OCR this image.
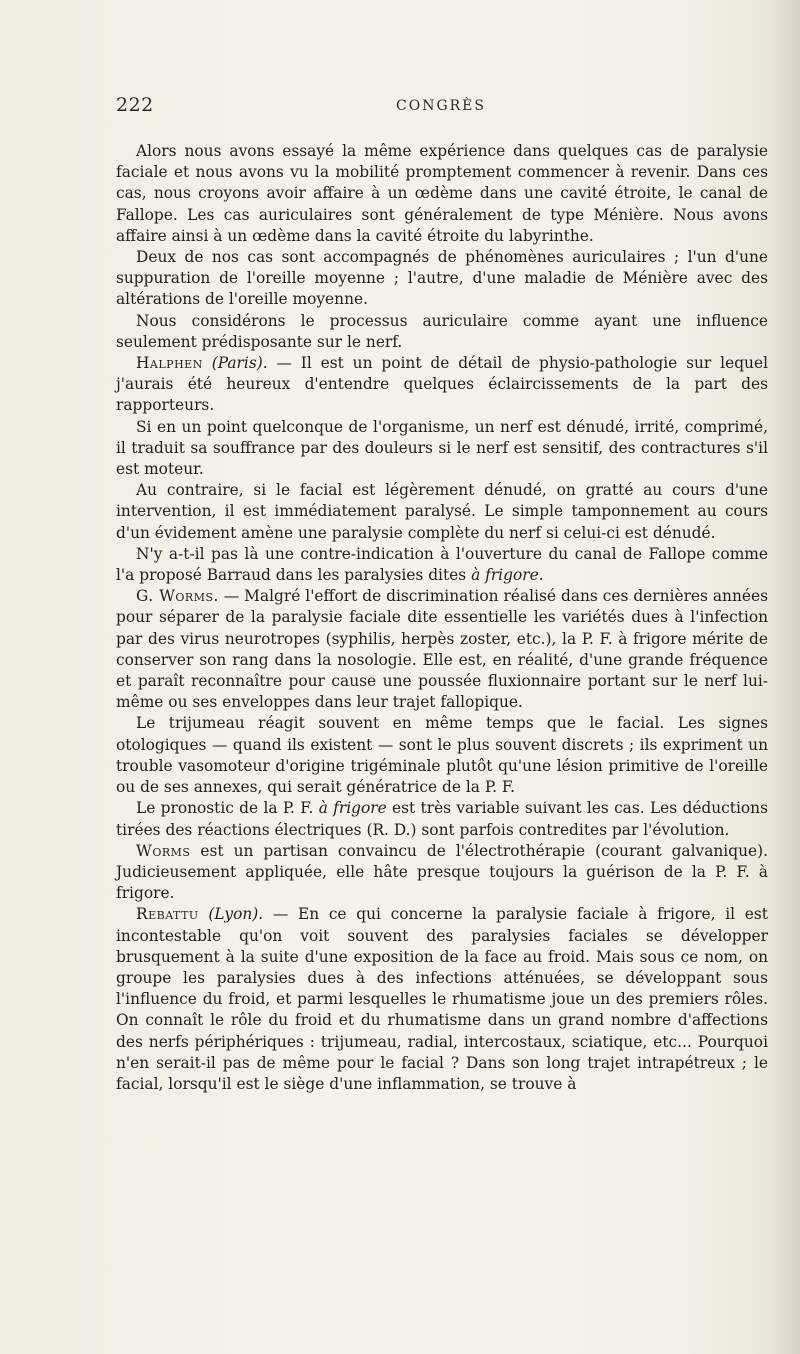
222	CONGRÈS

Alors nous avons essayé la même expérience dans quelques cas de paralysie faciale et nous avons vu la mobilité promptement commencer à revenir. Dans ces cas, nous croyons avoir affaire à un œdème dans une cavité étroite, le canal de Fallope. Les cas auriculaires sont généralement de type Ménière. Nous avons affaire ainsi à un œdème dans la cavité étroite du labyrinthe.

Deux de nos cas sont accompagnés de phénomènes auriculaires ; l'un d'une suppuration de l'oreille moyenne ; l'autre, d'une maladie de Ménière avec des altérations de l'oreille moyenne.

Nous considérons le processus auriculaire comme ayant une influence seulement prédisposante sur le nerf.

Halphen (Paris). — Il est un point de détail de physio-pathologie sur lequel j'aurais été heureux d'entendre quelques éclaircissements de la part des rapporteurs.

Si en un point quelconque de l'organisme, un nerf est dénudé, irrité, comprimé, il traduit sa souffrance par des douleurs si le nerf est sensitif, des contractures s'il est moteur.

Au contraire, si le facial est légèrement dénudé, on gratté au cours d'une intervention, il est immédiatement paralysé. Le simple tamponnement au cours d'un évidement amène une paralysie complète du nerf si celui-ci est dénudé.

N'y a-t-il pas là une contre-indication à l'ouverture du canal de Fallope comme l'a proposé Barraud dans les paralysies dites à frigore.

G. Worms. — Malgré l'effort de discrimination réalisé dans ces dernières années pour séparer de la paralysie faciale dite essentielle les variétés dues à l'infection par des virus neurotropes (syphilis, herpès zoster, etc.), la P. F. à frigore mérite de conserver son rang dans la nosologie. Elle est, en réalité, d'une grande fréquence et paraît reconnaître pour cause une poussée fluxionnaire portant sur le nerf lui-même ou ses enveloppes dans leur trajet fallopique.

Le trijumeau réagit souvent en même temps que le facial. Les signes otologiques — quand ils existent — sont le plus souvent discrets ; ils expriment un trouble vasomoteur d'origine trigéminale plutôt qu'une lésion primitive de l'oreille ou de ses annexes, qui serait génératrice de la P. F.

Le pronostic de la P. F. à frigore est très variable suivant les cas. Les déductions tirées des réactions électriques (R. D.) sont parfois contredites par l'évolution.

Worms est un partisan convaincu de l'électrothérapie (courant galvanique). Judicieusement appliquée, elle hâte presque toujours la guérison de la P. F. à frigore.

Rebattu (Lyon). — En ce qui concerne la paralysie faciale à frigore, il est incontestable qu'on voit souvent des paralysies faciales se développer brusquement à la suite d'une exposition de la face au froid. Mais sous ce nom, on groupe les paralysies dues à des infections atténuées, se développant sous l'influence du froid, et parmi lesquelles le rhumatisme joue un des premiers rôles. On connaît le rôle du froid et du rhumatisme dans un grand nombre d'affections des nerfs périphériques : trijumeau, radial, intercostaux, sciatique, etc... Pourquoi n'en serait-il pas de même pour le facial ? Dans son long trajet intrapétreux ; le facial, lorsqu'il est le siège d'une inflammation, se trouve à
